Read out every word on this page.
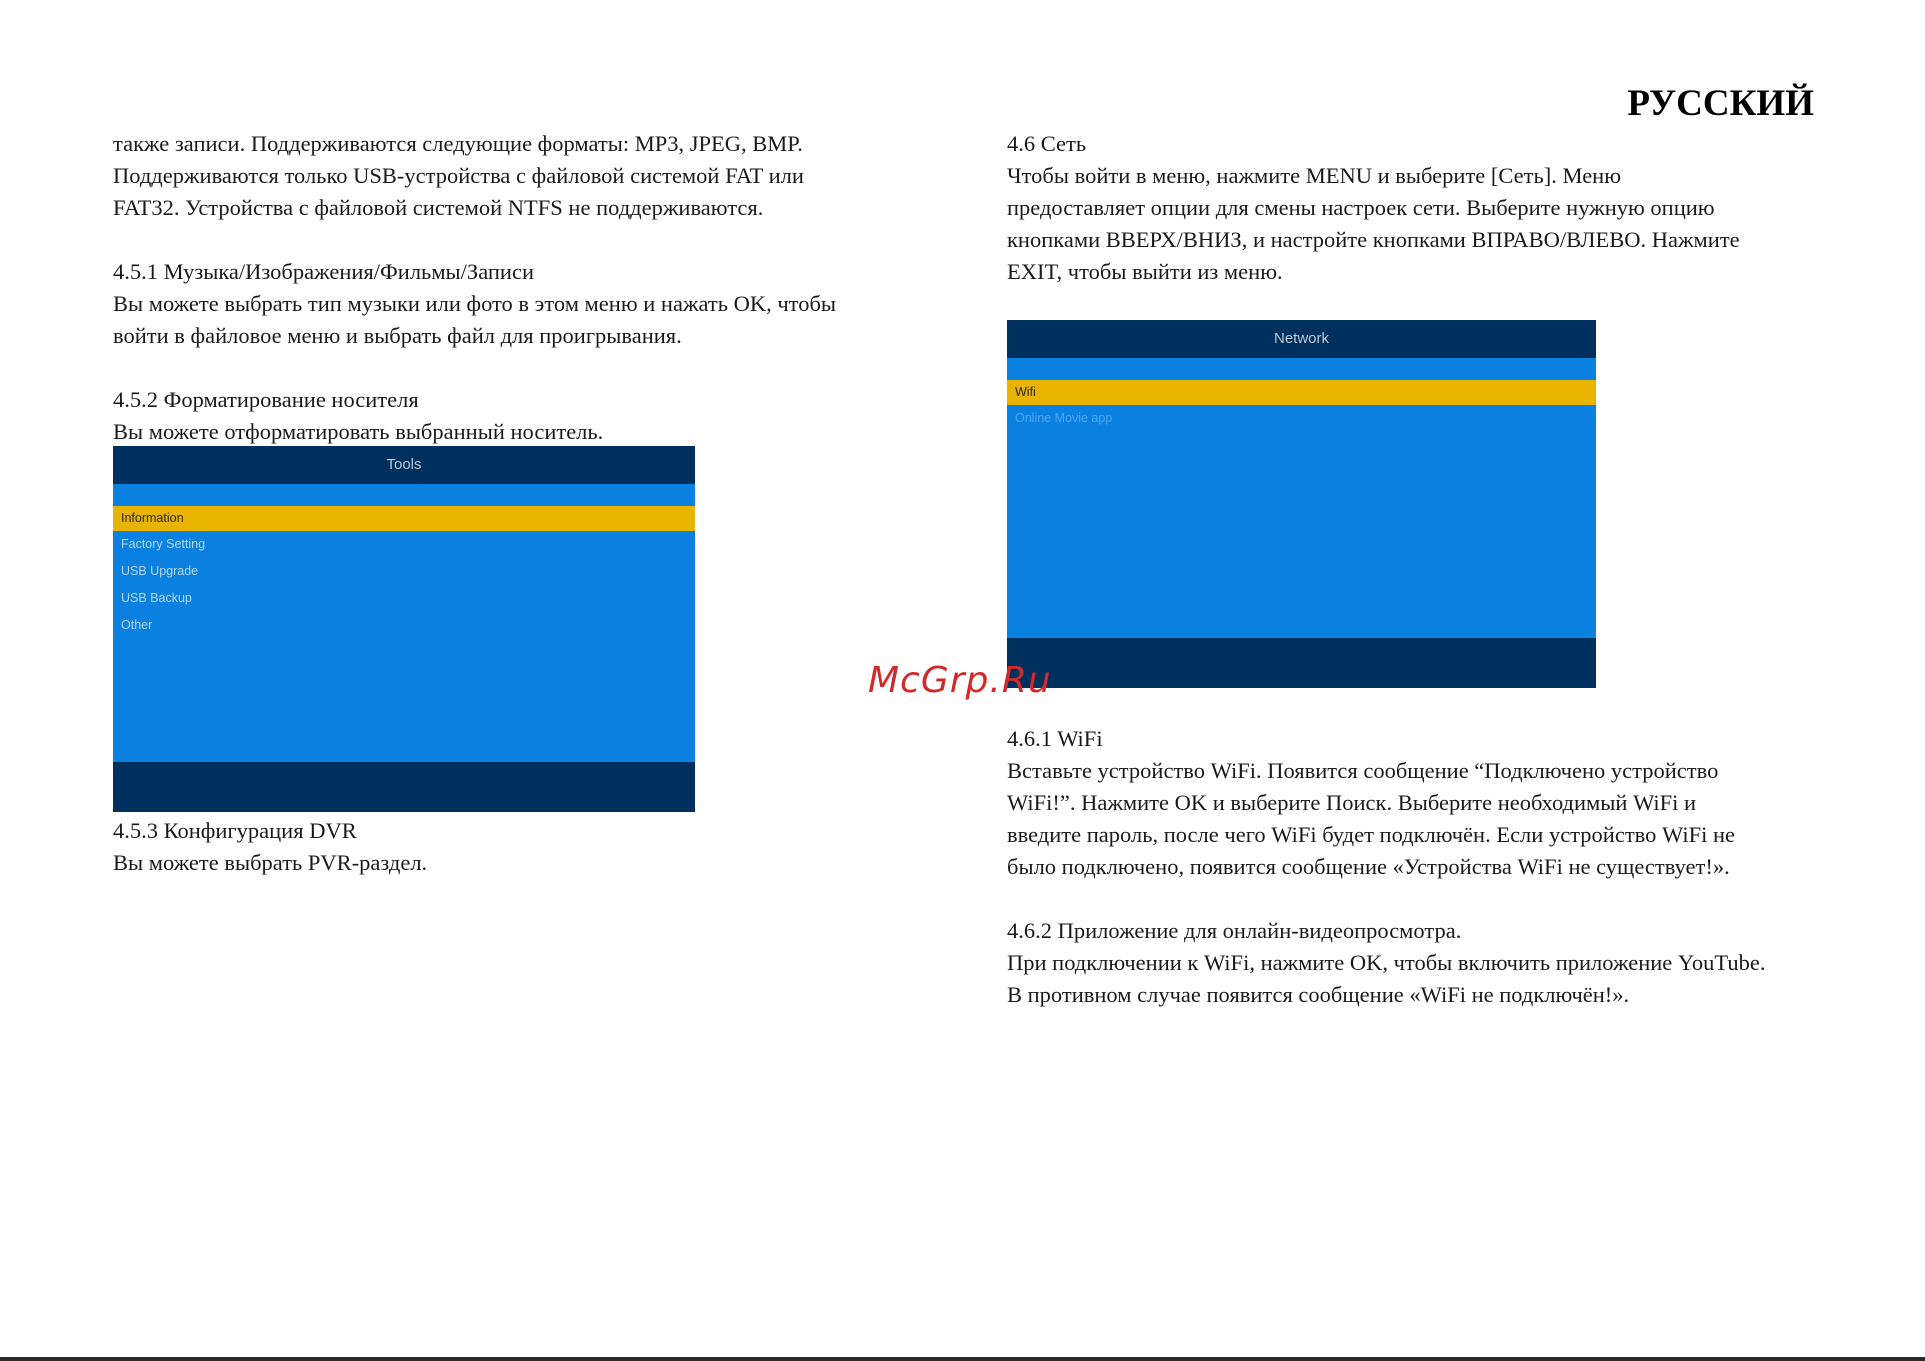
РУССКИЙ

также записи. Поддерживаются следующие форматы: MP3, JPEG, BMP.

Поддерживаются только USB-устройства с файловой системой FAT или

FAT32. Устройства с файловой системой NTFS не поддерживаются.

4.5.1 Музыка/Изображения/Фильмы/Записи

Вы можете выбрать тип музыки или фото в этом меню и нажать OK, чтобы

войти в файловое меню и выбрать файл для проигрывания.

4.5.2 Форматирование носителя

Вы можете отформатировать выбранный носитель.

Tools
Information
Factory Setting
USB Upgrade
USB Backup
Other

4.5.3 Конфигурация DVR

Вы можете выбрать PVR-раздел.

4.6 Сеть

Чтобы войти в меню, нажмите MENU и выберите [Сеть]. Меню

предоставляет опции для смены настроек сети. Выберите нужную опцию

кнопками ВВЕРХ/ВНИЗ, и настройте кнопками ВПРАВО/ВЛЕВО. Нажмите

EXIT, чтобы выйти из меню.

Network
Wifi
Online Movie app

4.6.1 WiFi

Вставьте устройство WiFi. Появится сообщение “Подключено устройство

WiFi!”. Нажмите OK и выберите Поиск. Выберите необходимый WiFi и

введите пароль, после чего WiFi будет подключён. Если устройство WiFi не

было подключено, появится сообщение «Устройства WiFi не существует!».

4.6.2 Приложение для онлайн-видеопросмотра.

При подключении к WiFi, нажмите OK, чтобы включить приложение YouTube.

В противном случае появится сообщение «WiFi не подключён!».

McGrp.Ru
